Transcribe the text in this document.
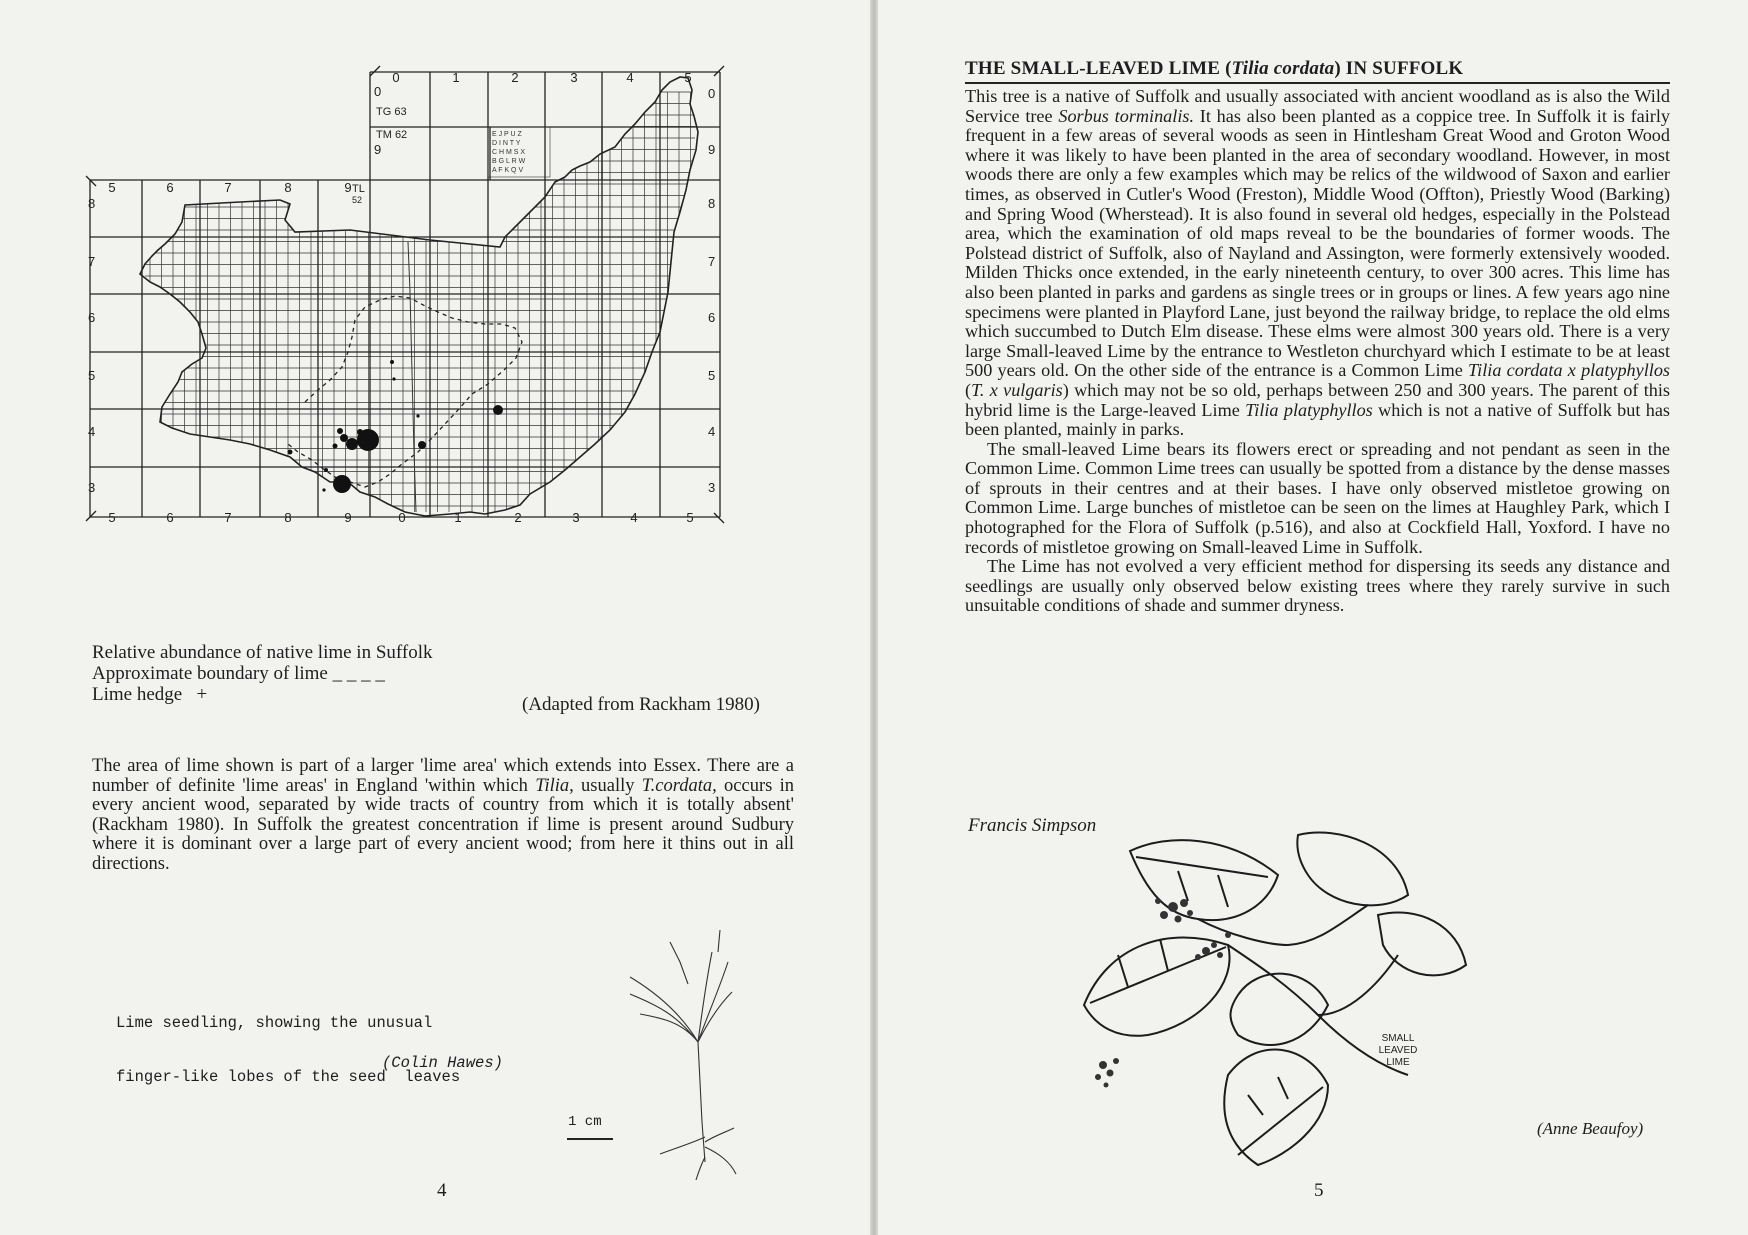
0	1	2	3	4	5
5	6	7	8	9	0	1	2	3	4	5
5	6	7	8	9
8
7
6
5
4
3
0
9
8
7
6
5
4
3
0
9
TG 63
TM 62
TL
52
E J P U Z
D I N T Y
C H M S X
B G L R W
A F K Q V
Relative abundance of native lime in Suffolk
Approximate boundary of lime _ _ _ _
Lime hedge   +	(Adapted from Rackham 1980)

The area of lime shown is part of a larger 'lime area' which extends into Essex. There are a number of definite 'lime areas' in England 'within which Tilia, usually T.cordata, occurs in every ancient wood, separated by wide tracts of country from which it is totally absent' (Rackham 1980). In Suffolk the greatest concentration if lime is present around Sudbury where it is dominant over a large part of every ancient wood; from here it thins out in all directions.

Lime seedling, showing the unusual

finger-like lobes of the seed  leaves

(Colin Hawes)
1 cm
4
THE SMALL-LEAVED LIME (Tilia cordata) IN SUFFOLK

This tree is a native of Suffolk and usually associated with ancient woodland as is also the Wild Service tree Sorbus torminalis. It has also been planted as a coppice tree. In Suffolk it is fairly frequent in a few areas of several woods as seen in Hintlesham Great Wood and Groton Wood where it was likely to have been planted in the area of secondary woodland. However, in most woods there are only a few examples which may be relics of the wildwood of Saxon and earlier times, as observed in Cutler's Wood (Freston), Middle Wood (Offton), Priestly Wood (Barking) and Spring Wood (Wherstead). It is also found in several old hedges, especially in the Polstead area, which the examination of old maps reveal to be the boundaries of former woods. The Polstead district of Suffolk, also of Nayland and Assington, were formerly extensively wooded. Milden Thicks once extended, in the early nineteenth century, to over 300 acres. This lime has also been planted in parks and gardens as single trees or in groups or lines. A few years ago nine specimens were planted in Playford Lane, just beyond the railway bridge, to replace the old elms which succumbed to Dutch Elm disease. These elms were almost 300 years old. There is a very large Small-leaved Lime by the entrance to Westleton churchyard which I estimate to be at least 500 years old. On the other side of the entrance is a Common Lime Tilia cordata x platyphyllos (T. x vulgaris) which may not be so old, perhaps between 250 and 300 years. The parent of this hybrid lime is the Large-leaved Lime Tilia platyphyllos which is not a native of Suffolk but has been planted, mainly in parks.

The small-leaved Lime bears its flowers erect or spreading and not pendant as seen in the Common Lime. Common Lime trees can usually be spotted from a distance by the dense masses of sprouts in their centres and at their bases. I have only observed mistletoe growing on Common Lime. Large bunches of mistletoe can be seen on the limes at Haughley Park, which I photographed for the Flora of Suffolk (p.516), and also at Cockfield Hall, Yoxford. I have no records of mistletoe growing on Small-leaved Lime in Suffolk.

The Lime has not evolved a very efficient method for dispersing its seeds any distance and seedlings are usually only observed below existing trees where they rarely survive in such unsuitable conditions of shade and summer dryness.

Francis Simpson
SMALL
LEAVED
LIME
(Anne Beaufoy)
5
